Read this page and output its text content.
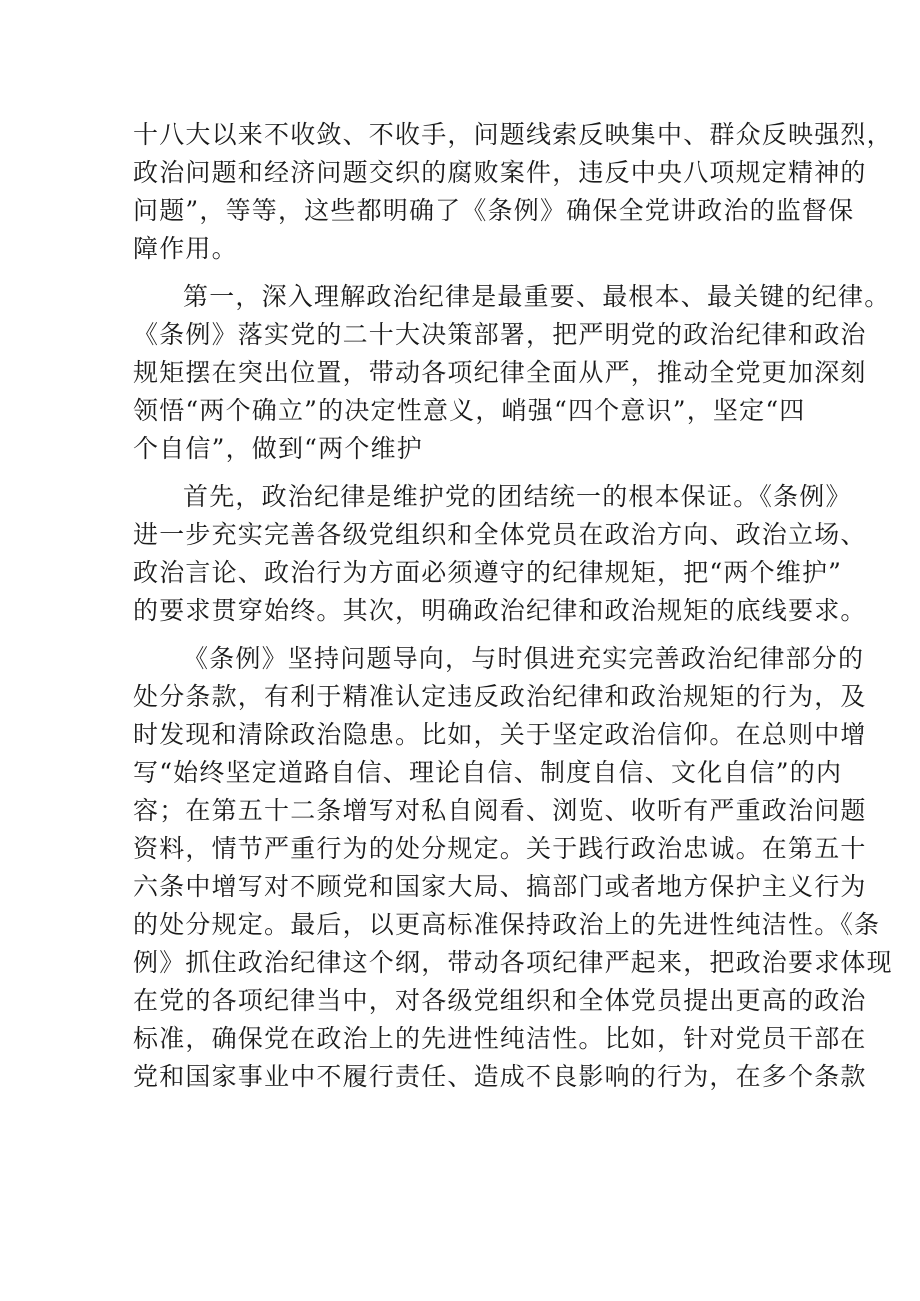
十八大以来不收敛、不收手，问题线索反映集中、群众反映强烈，

政治问题和经济问题交织的腐败案件，违反中央八项规定精神的

问题”，等等，这些都明确了《条例》确保全党讲政治的监督保

障作用。

第一，深入理解政治纪律是最重要、最根本、最关键的纪律。

《条例》落实党的二十大决策部署，把严明党的政治纪律和政治

规矩摆在突出位置，带动各项纪律全面从严，推动全党更加深刻

领悟“两个确立”的决定性意义，峭强“四个意识”，坚定“四

个自信”，做到“两个维护

首先，政治纪律是维护党的团结统一的根本保证。《条例》

进一步充实完善各级党组织和全体党员在政治方向、政治立场、

政治言论、政治行为方面必须遵守的纪律规矩，把“两个维护”

的要求贯穿始终。其次，明确政治纪律和政治规矩的底线要求。

《条例》坚持问题导向，与时俱进充实完善政治纪律部分的

处分条款，有利于精准认定违反政治纪律和政治规矩的行为，及

时发现和清除政治隐患。比如，关于坚定政治信仰。在总则中增

写“始终坚定道路自信、理论自信、制度自信、文化自信”的内

容；在第五十二条增写对私自阅看、浏览、收听有严重政治问题

资料，情节严重行为的处分规定。关于践行政治忠诚。在第五十

六条中增写对不顾党和国家大局、搞部门或者地方保护主义行为

的处分规定。最后，以更高标准保持政治上的先进性纯洁性。《条

例》抓住政治纪律这个纲，带动各项纪律严起来，把政治要求体现

在党的各项纪律当中，对各级党组织和全体党员提出更高的政治

标准，确保党在政治上的先进性纯洁性。比如，针对党员干部在

党和国家事业中不履行责任、造成不良影响的行为，在多个条款
